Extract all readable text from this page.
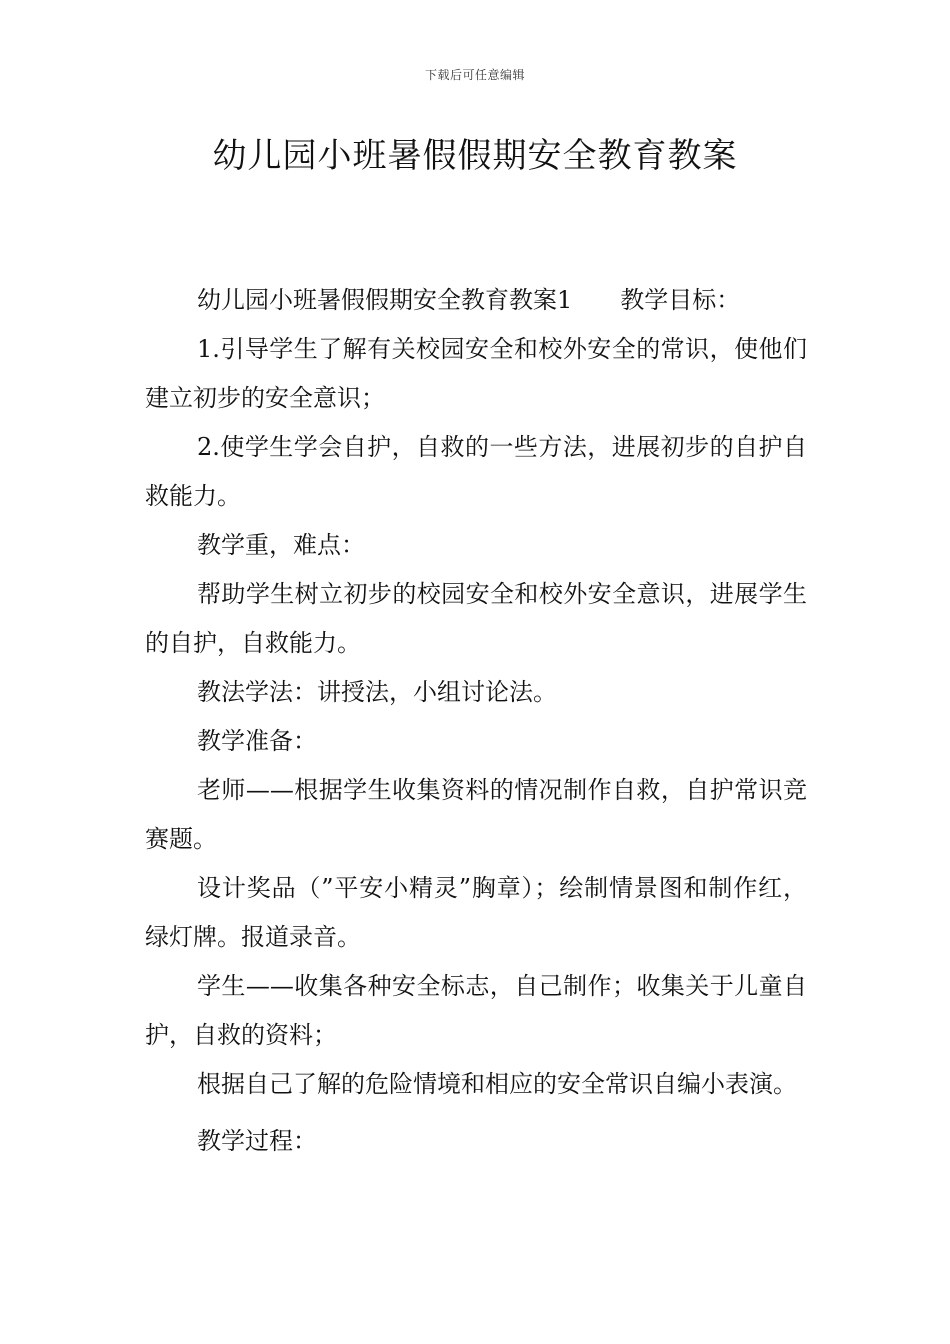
下载后可任意编辑
幼儿园小班暑假假期安全教育教案

幼儿园小班暑假假期安全教育教案1　　教学目标：

1.引导学生了解有关校园安全和校外安全的常识，使他们建立初步的安全意识；

2.使学生学会自护，自救的一些方法，进展初步的自护自救能力。

教学重，难点：

帮助学生树立初步的校园安全和校外安全意识，进展学生的自护，自救能力。

教法学法：讲授法，小组讨论法。

教学准备：

老师——根据学生收集资料的情况制作自救，自护常识竞赛题。

设计奖品（”平安小精灵”胸章）；绘制情景图和制作红，绿灯牌。报道录音。

学生——收集各种安全标志，自己制作；收集关于儿童自护，自救的资料；

根据自己了解的危险情境和相应的安全常识自编小表演。

教学过程：
